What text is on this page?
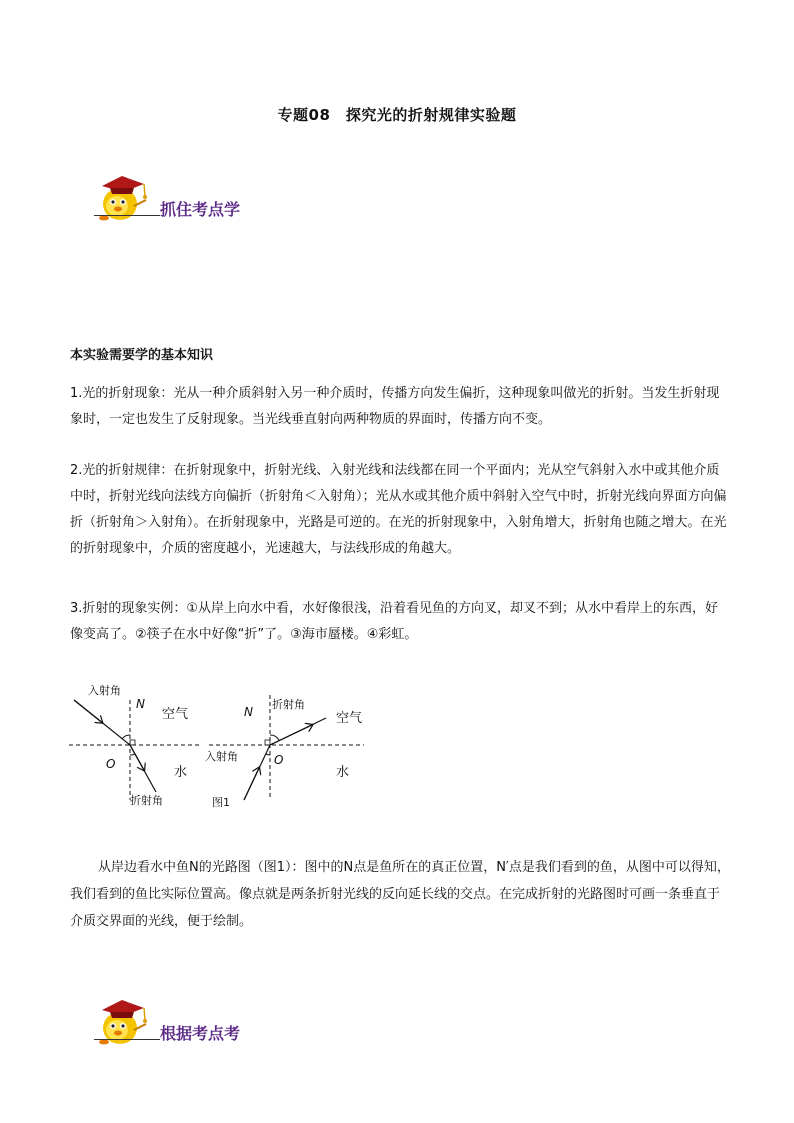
专题08　探究光的折射规律实验题
抓住考点学
本实验需要学的基本知识

1.光的折射现象：光从一种介质斜射入另一种介质时，传播方向发生偏折，这种现象叫做光的折射。当发生折射现象时，一定也发生了反射现象。当光线垂直射向两种物质的界面时，传播方向不变。

2.光的折射规律：在折射现象中，折射光线、入射光线和法线都在同一个平面内；光从空气斜射入水中或其他介质中时，折射光线向法线方向偏折（折射角＜入射角）；光从水或其他介质中斜射入空气中时，折射光线向界面方向偏折（折射角＞入射角）。在折射现象中，光路是可逆的。在光的折射现象中，入射角增大，折射角也随之增大。在光的折射现象中，介质的密度越小，光速越大，与法线形成的角越大。

3.折射的现象实例：①从岸上向水中看，水好像很浅，沿着看见鱼的方向叉，却叉不到；从水中看岸上的东西，好像变高了。②筷子在水中好像“折”了。③海市蜃楼。④彩虹。

入射角
N
空气
O
水
折射角
折射角
N	空气
入射角	O
水
图1

从岸边看水中鱼N的光路图（图1）：图中的N点是鱼所在的真正位置，N′点是我们看到的鱼，从图中可以得知，我们看到的鱼比实际位置高。像点就是两条折射光线的反向延长线的交点。在完成折射的光路图时可画一条垂直于介质交界面的光线，便于绘制。

根据考点考
